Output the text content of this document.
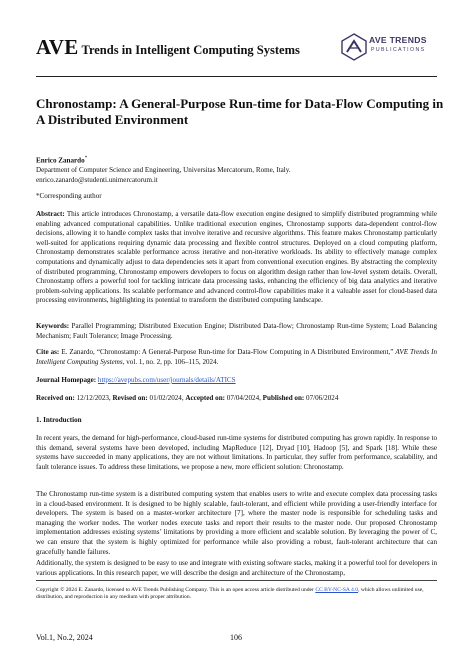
AVE Trends in Intelligent Computing Systems
AVE TRENDS
PUBLICATIONS
Chronostamp: A General-Purpose Run-time for Data-Flow Computing in A Distributed Environment
Enrico Zanardo*
Department of Computer Science and Engineering, Universitas Mercatorum, Rome, Italy.
enrico.zanardo@studenti.unimercatorum.it
*Corresponding author
Abstract: This article introduces Chronostamp, a versatile data-flow execution engine designed to simplify distributed programming while enabling advanced computational capabilities. Unlike traditional execution engines, Chronostamp supports data-dependent control-flow decisions, allowing it to handle complex tasks that involve iterative and recursive algorithms. This feature makes Chronostamp particularly well-suited for applications requiring dynamic data processing and flexible control structures. Deployed on a cloud computing platform, Chronostamp demonstrates scalable performance across iterative and non-iterative workloads. Its ability to effectively manage complex computations and dynamically adjust to data dependencies sets it apart from conventional execution engines. By abstracting the complexity of distributed programming, Chronostamp empowers developers to focus on algorithm design rather than low-level system details. Overall, Chronostamp offers a powerful tool for tackling intricate data processing tasks, enhancing the efficiency of big data analytics and iterative problem-solving applications. Its scalable performance and advanced control-flow capabilities make it a valuable asset for cloud-based data processing environments, highlighting its potential to transform the distributed computing landscape.
Keywords: Parallel Programming; Distributed Execution Engine; Distributed Data-flow; Chronostamp Run-time System; Load Balancing Mechanism; Fault Tolerance; Image Processing.
Cite as: E. Zanardo, “Chronostamp: A General-Purpose Run-time for Data-Flow Computing in A Distributed Environment,” AVE Trends In Intelligent Computing Systems, vol. 1, no. 2, pp. 106–115, 2024.
Journal Homepage: https://avepubs.com/user/journals/details/ATICS
Received on: 12/12/2023, Revised on: 01/02/2024, Accepted on: 07/04/2024, Published on: 07/06/2024
1. Introduction
In recent years, the demand for high-performance, cloud-based run-time systems for distributed computing has grown rapidly. In response to this demand, several systems have been developed, including MapReduce [12], Dryad [10], Hadoop [5], and Spark [18]. While these systems have succeeded in many applications, they are not without limitations. In particular, they suffer from performance, scalability, and fault tolerance issues. To address these limitations, we propose a new, more efficient solution: Chronostamp.
The Chronostamp run-time system is a distributed computing system that enables users to write and execute complex data processing tasks in a cloud-based environment. It is designed to be highly scalable, fault-tolerant, and efficient while providing a user-friendly interface for developers. The system is based on a master-worker architecture [7], where the master node is responsible for scheduling tasks and managing the worker nodes. The worker nodes execute tasks and report their results to the master node. Our proposed Chronostamp implementation addresses existing systems’ limitations by providing a more efficient and scalable solution. By leveraging the power of C, we can ensure that the system is highly optimized for performance while also providing a robust, fault-tolerant architecture that can gracefully handle failures.
Additionally, the system is designed to be easy to use and integrate with existing software stacks, making it a powerful tool for developers in various applications. In this research paper, we will describe the design and architecture of the Chronostamp,
Copyright © 2024 E. Zanardo, licensed to AVE Trends Publishing Company. This is an open access article distributed under CC BY-NC-SA 4.0, which allows unlimited use, distribution, and reproduction in any medium with proper attribution.
Vol.1, No.2, 2024	106
